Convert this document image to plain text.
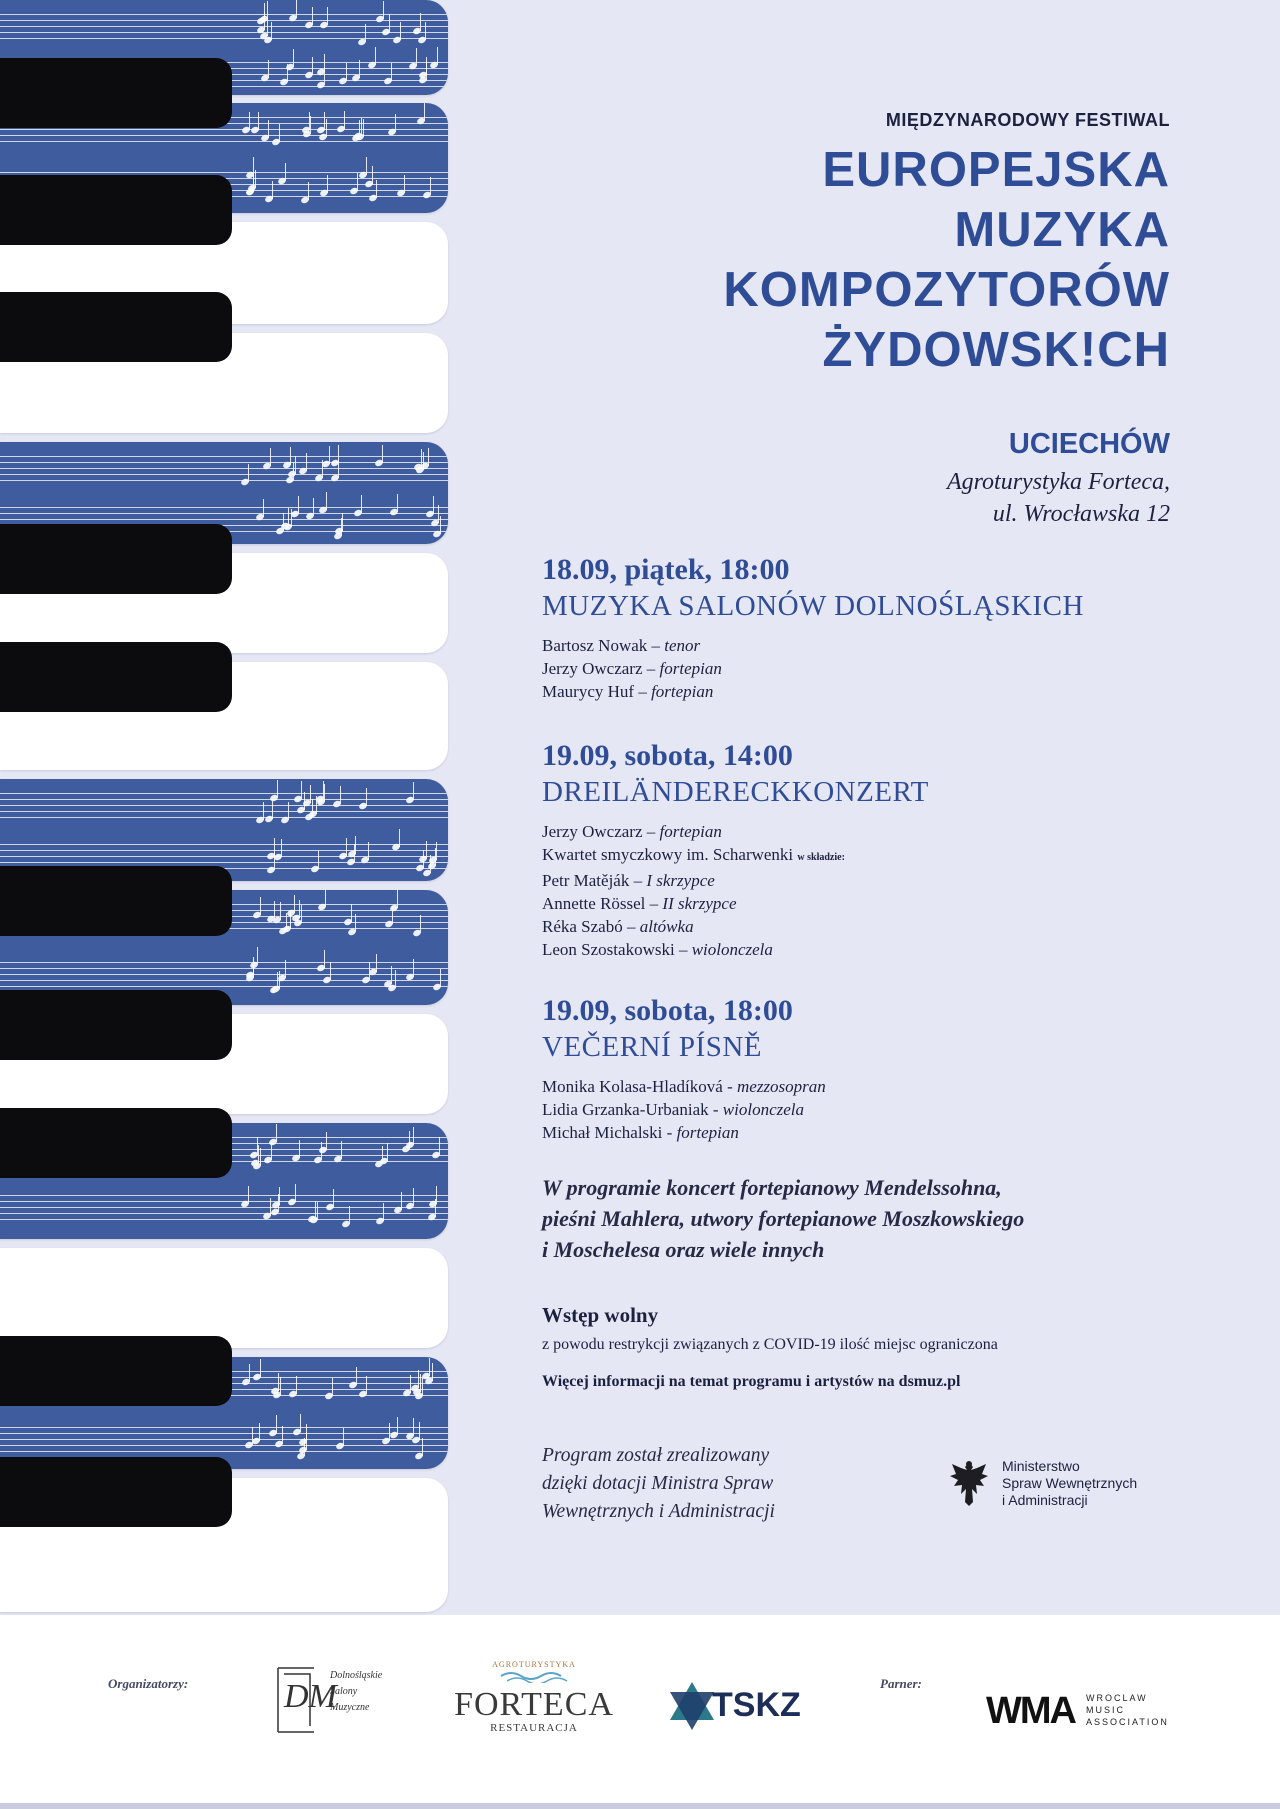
MIĘDZYNARODOWY FESTIWAL
EUROPEJSKA
MUZYKA
KOMPOZYTORÓW
ŻYDOWSK!CH
UCIECHÓW
Agroturystyka Forteca,
ul. Wrocławska 12
18.09, piątek, 18:00
MUZYKA SALONÓW DOLNOŚLĄSKICH
Bartosz Nowak – tenor
Jerzy Owczarz – fortepian
Maurycy Huf – fortepian
19.09, sobota, 14:00
DREILÄNDERECKKONZERT
Jerzy Owczarz – fortepian
Kwartet smyczkowy im. Scharwenki w składzie:
Petr Matěják – I skrzypce
Annette Rössel – II skrzypce
Réka Szabó – altówka
Leon Szostakowski – wiolonczela
19.09, sobota, 18:00
VEČERNÍ PÍSNĚ
Monika Kolasa-Hladíková - mezzosopran
Lidia Grzanka-Urbaniak - wiolonczela
Michał Michalski - fortepian
W programie koncert fortepianowy Mendelssohna,
pieśni Mahlera, utwory fortepianowe Moszkowskiego
i Moschelesa oraz wiele innych
Wstęp wolny
z powodu restrykcji związanych z COVID-19 ilość miejsc ograniczona
Więcej informacji na temat programu i artystów na dsmuz.pl
Program został zrealizowany
dzięki dotacji Ministra Spraw
Wewnętrznych i Administracji
Ministerstwo
Spraw Wewnętrznych
i Administracji
Organizatorzy:	Parner:
DM
Dolnośląskie
Salony
Muzyczne
AGROTURYSTYKA
FORTECA
RESTAURACJA
TSKZ	WMA WROCLAW
MUSIC
ASSOCIATION
